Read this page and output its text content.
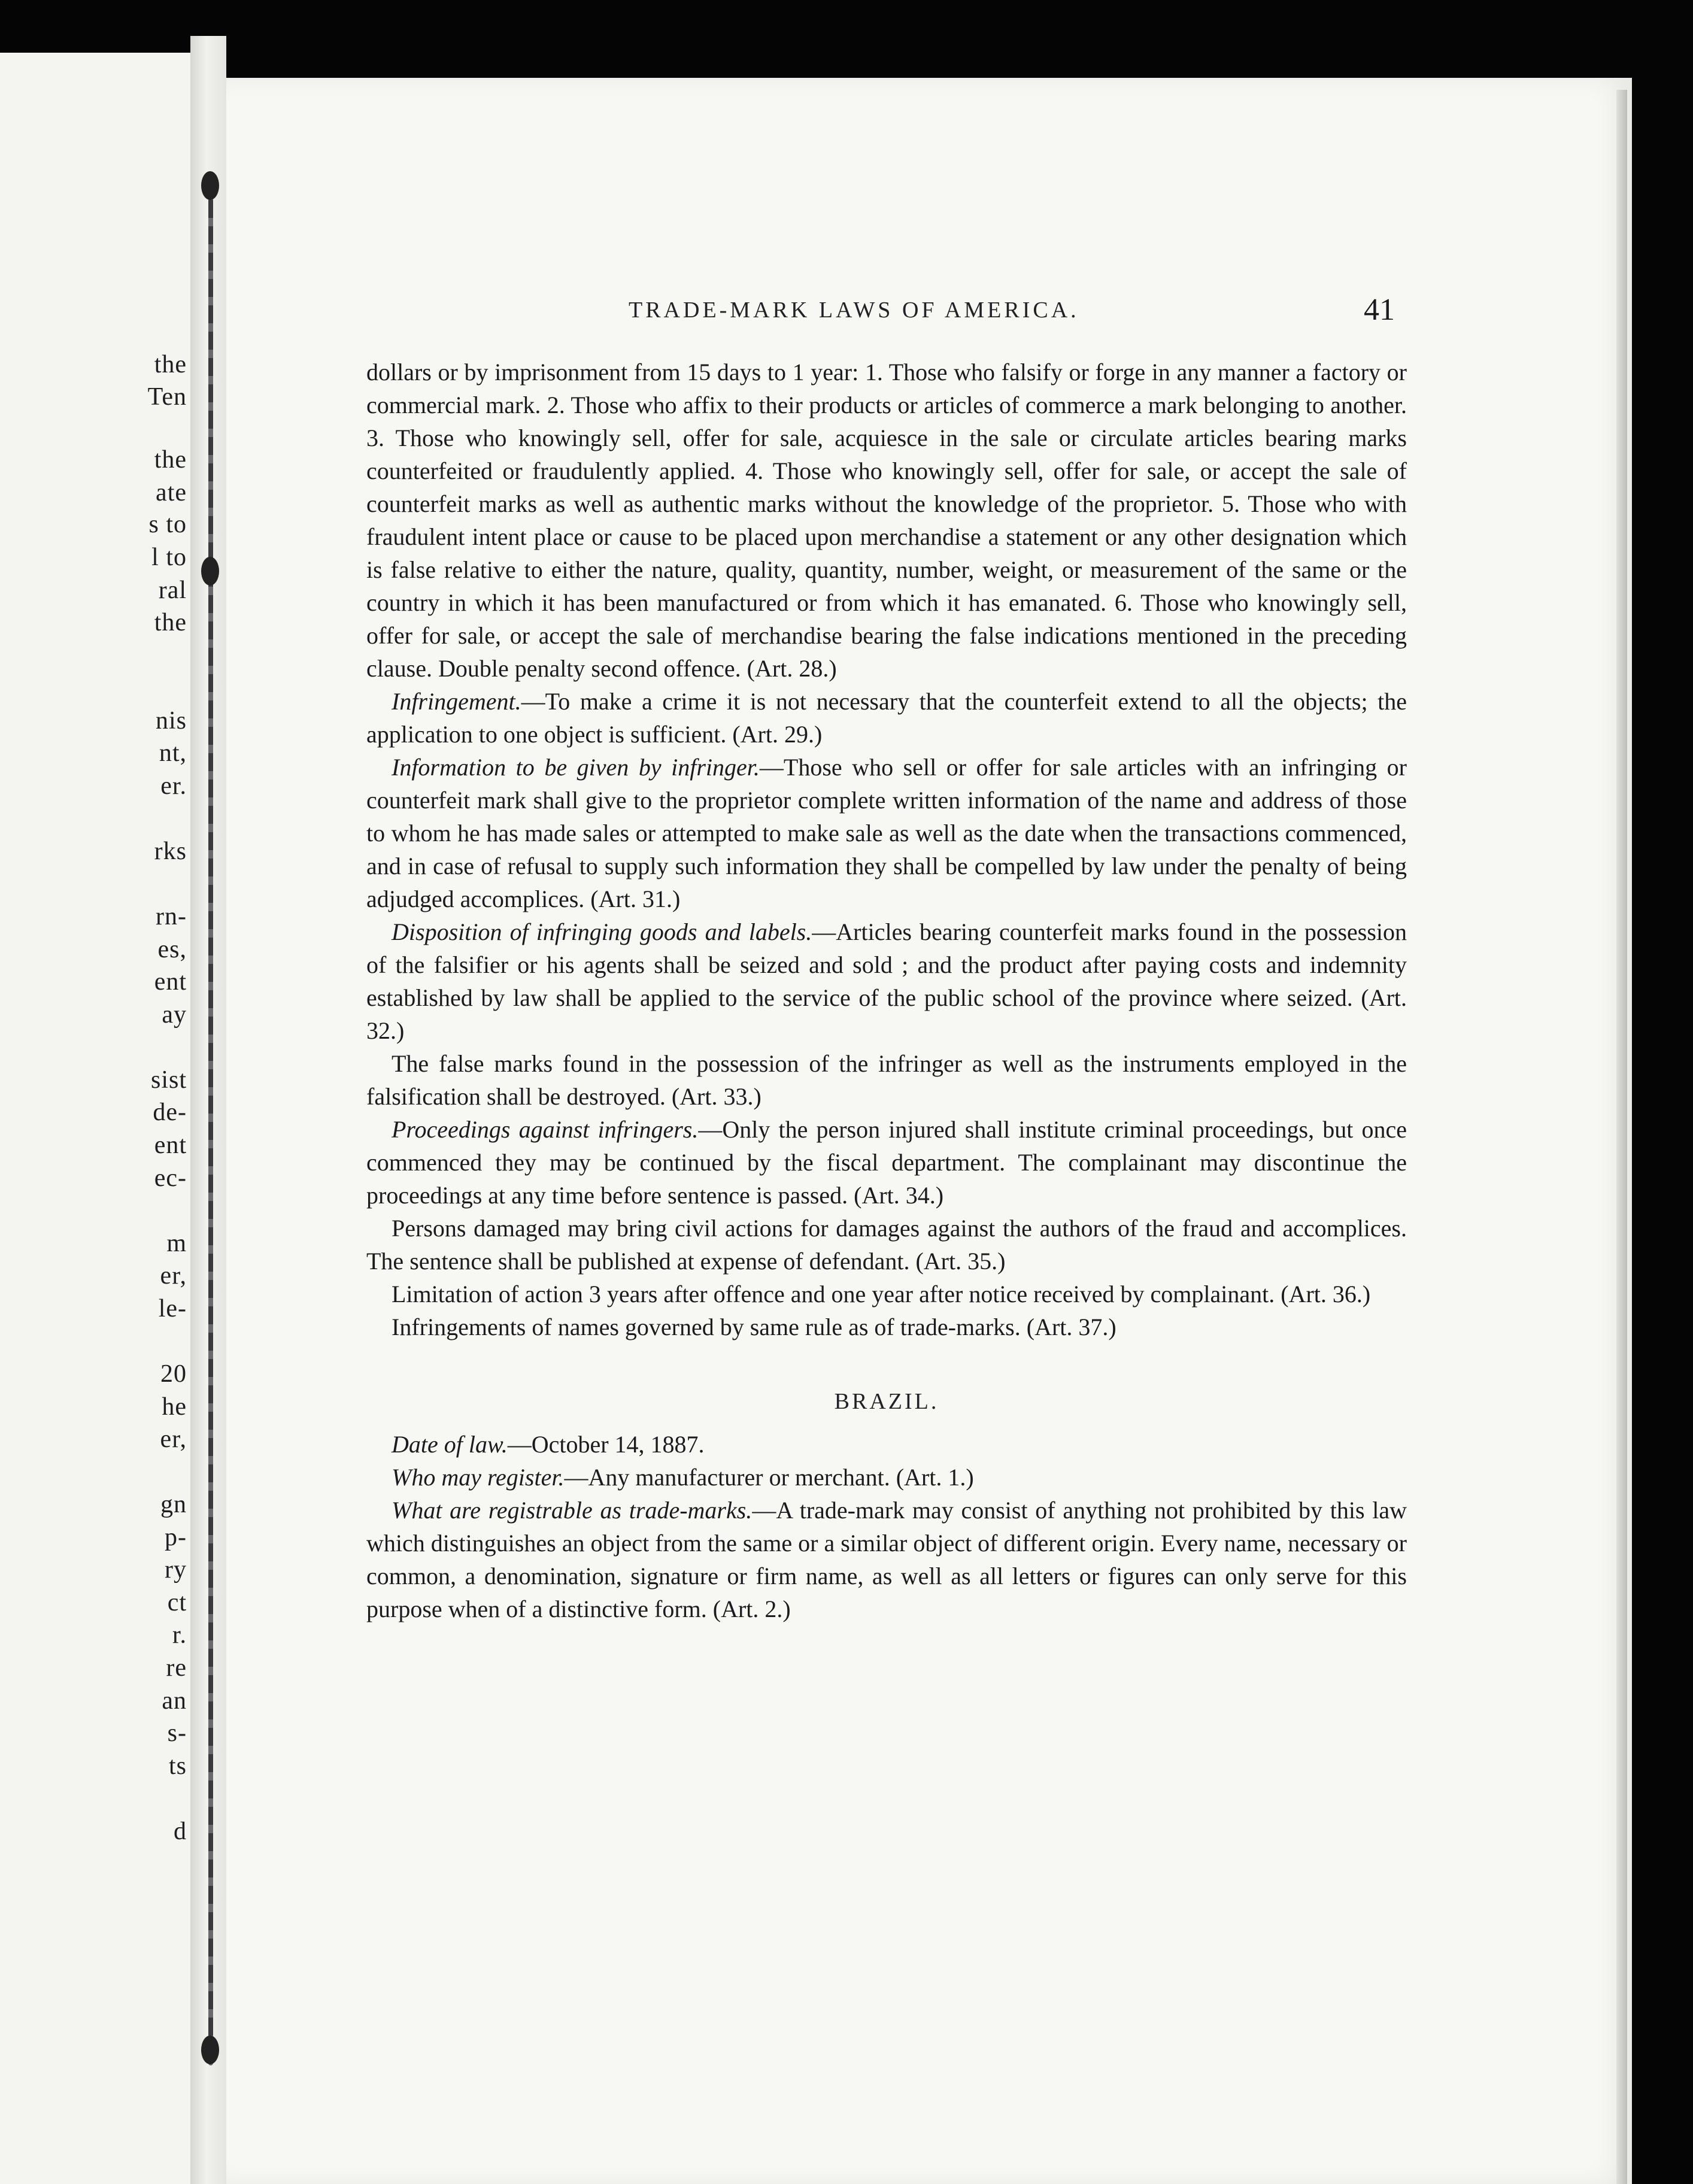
the
Ten
the
ate
s to
l to
ral
the
nis
nt,
er.
rks
rn-
es,
ent
ay
sist
de-
ent
ec-
m
er,
le-
20
he
er,
gn
p-
ry
ct
r.
re
an
s-
ts
d
TRADE-MARK LAWS OF AMERICA.	41

dollars or by imprisonment from 15 days to 1 year: 1. Those who falsify or forge in any manner a factory or commercial mark. 2. Those who affix to their products or articles of commerce a mark belonging to another. 3. Those who knowingly sell, offer for sale, acquiesce in the sale or circulate articles bearing marks counterfeited or fraudulently applied. 4. Those who knowingly sell, offer for sale, or accept the sale of counterfeit marks as well as authentic marks without the knowledge of the proprietor. 5. Those who with fraudulent intent place or cause to be placed upon merchandise a statement or any other designation which is false relative to either the nature, quality, quantity, number, weight, or measurement of the same or the country in which it has been manufactured or from which it has emanated. 6. Those who knowingly sell, offer for sale, or accept the sale of merchandise bearing the false indications mentioned in the preceding clause. Double penalty second offence. (Art. 28.)

Infringement.—To make a crime it is not necessary that the counterfeit extend to all the objects; the application to one object is sufficient. (Art. 29.)

Information to be given by infringer.—Those who sell or offer for sale articles with an infringing or counterfeit mark shall give to the proprietor complete written information of the name and address of those to whom he has made sales or attempted to make sale as well as the date when the transactions commenced, and in case of refusal to supply such information they shall be compelled by law under the penalty of being adjudged accomplices. (Art. 31.)

Disposition of infringing goods and labels.—Articles bearing counterfeit marks found in the possession of the falsifier or his agents shall be seized and sold ; and the product after paying costs and indemnity established by law shall be applied to the service of the public school of the province where seized. (Art. 32.)

The false marks found in the possession of the infringer as well as the instruments employed in the falsification shall be destroyed. (Art. 33.)

Proceedings against infringers.—Only the person injured shall institute criminal proceedings, but once commenced they may be continued by the fiscal department. The complainant may discontinue the proceedings at any time before sentence is passed. (Art. 34.)

Persons damaged may bring civil actions for damages against the authors of the fraud and accomplices. The sentence shall be published at expense of defendant. (Art. 35.)

Limitation of action 3 years after offence and one year after notice received by complainant. (Art. 36.)

Infringements of names governed by same rule as of trade-marks. (Art. 37.)

BRAZIL.

Date of law.—October 14, 1887.

Who may register.—Any manufacturer or merchant. (Art. 1.)

What are registrable as trade-marks.—A trade-mark may consist of anything not prohibited by this law which distinguishes an object from the same or a similar object of different origin. Every name, necessary or common, a denomination, signature or firm name, as well as all letters or figures can only serve for this purpose when of a distinctive form. (Art. 2.)
